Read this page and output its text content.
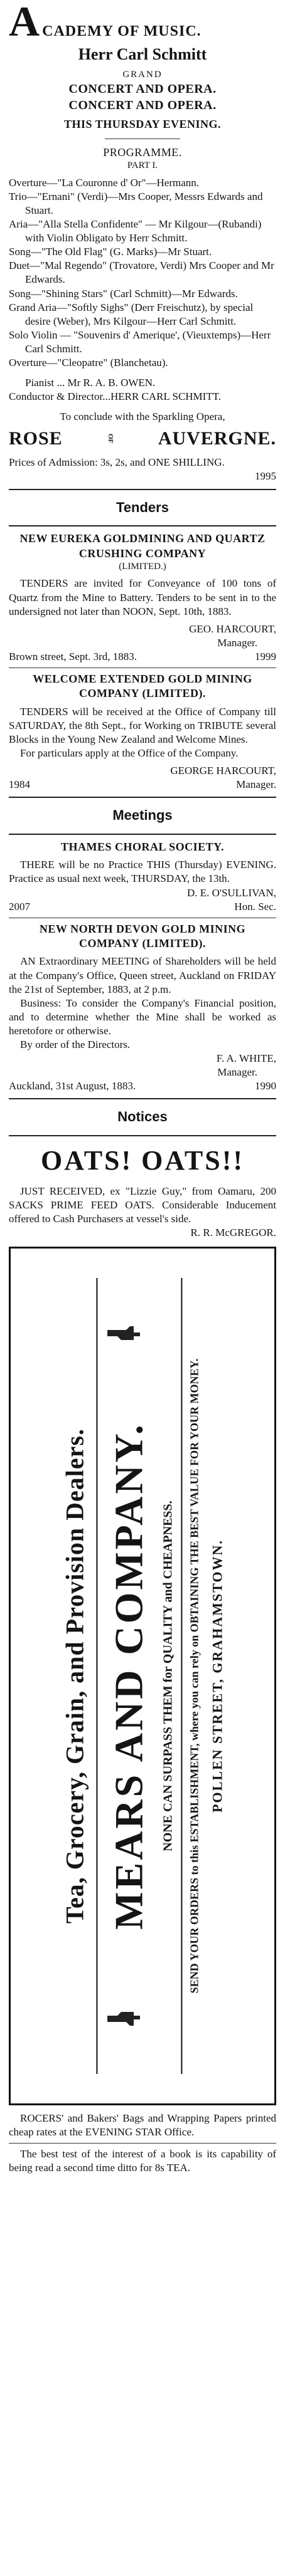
A CADEMY OF MUSIC.
Herr Carl Schmitt
GRAND
CONCERT AND OPERA.
CONCERT AND OPERA.
THIS THURSDAY EVENING.
PROGRAMME.
PART I.
Overture—"La Couronne d' Or"—Hermann.
Trio—"Ernani" (Verdi)—Mrs Cooper, Messrs Edwards and Stuart.
Aria—"Alla Stella Confidente" — Mr Kilgour—(Rubandi) with Violin Obligato by Herr Schmitt.
Song—"The Old Flag" (G. Marks)—Mr Stuart.
Duet—"Mal Regendo" (Trovatore, Verdi) Mrs Cooper and Mr Edwards.
Song—"Shining Stars" (Carl Schmitt)—Mr Edwards.
Grand Aria—"Softly Sighs" (Derr Freischutz), by special desire (Weber), Mrs Kilgour—Herr Carl Schmitt.
Solo Violin — "Souvenirs d' Amerique', (Vieuxtemps)—Herr Carl Schmitt.
Overture—"Cleopatre" (Blanchetau).
Pianist ... Mr R. A. B. OWEN.
Conductor & Director...HERR CARL SCHMITT.
To conclude with the Sparkling Opera,
ROSE	OF AUVERGNE.
Prices of Admission: 3s, 2s, and ONE SHILLING.
1995
Tenders
NEW EUREKA GOLDMINING AND QUARTZ CRUSHING COMPANY
(LIMITED.)

TENDERS are invited for Conveyance of 100 tons of Quartz from the Mine to Battery. Tenders to be sent in to the undersigned not later than NOON, Sept. 10th, 1883.

GEO. HARCOURT,
Manager.
Brown street, Sept. 3rd, 1883.	1999
WELCOME EXTENDED GOLD MINING COMPANY (LIMITED).

TENDERS will be received at the Office of Company till SATURDAY, the 8th Sept., for Working on TRIBUTE several Blocks in the Young New Zealand and Welcome Mines.

For particulars apply at the Office of the Company.

GEORGE HARCOURT,
1984	Manager.
Meetings
THAMES CHORAL SOCIETY.

THERE will be no Practice THIS (Thursday) EVENING. Practice as usual next week, THURSDAY, the 13th.

D. E. O'SULLIVAN,
2007	Hon. Sec.
NEW NORTH DEVON GOLD MINING COMPANY (LIMITED).

AN Extraordinary MEETING of Shareholders will be held at the Company's Office, Queen street, Auckland on FRIDAY the 21st of September, 1883, at 2 p.m.

Business: To consider the Company's Financial position, and to determine whether the Mine shall be worked as heretofore or otherwise.

By order of the Directors.

F. A. WHITE,
Manager.
Auckland, 31st August, 1883.	1990
Notices
OATS! OATS!!

JUST RECEIVED, ex "Lizzie Guy," from Oamaru, 200 SACKS PRIME FEED OATS. Considerable Inducement offered to Cash Purchasers at vessel's side.

R. R. McGREGOR.
Tea, Grocery, Grain, and Provision Dealers. MEARS AND COMPANY. NONE CAN SURPASS THEM for QUALITY and CHEAPNESS. SEND YOUR ORDERS to this ESTABLISHMENT, where you can rely on OBTAINING THE BEST VALUE FOR YOUR MONEY. POLLEN STREET, GRAHAMSTOWN.

ROCERS' and Bakers' Bags and Wrapping Papers printed cheap rates at the EVENING STAR Office.

The best test of the interest of a book is its capability of being read a second time ditto for 8s TEA.
